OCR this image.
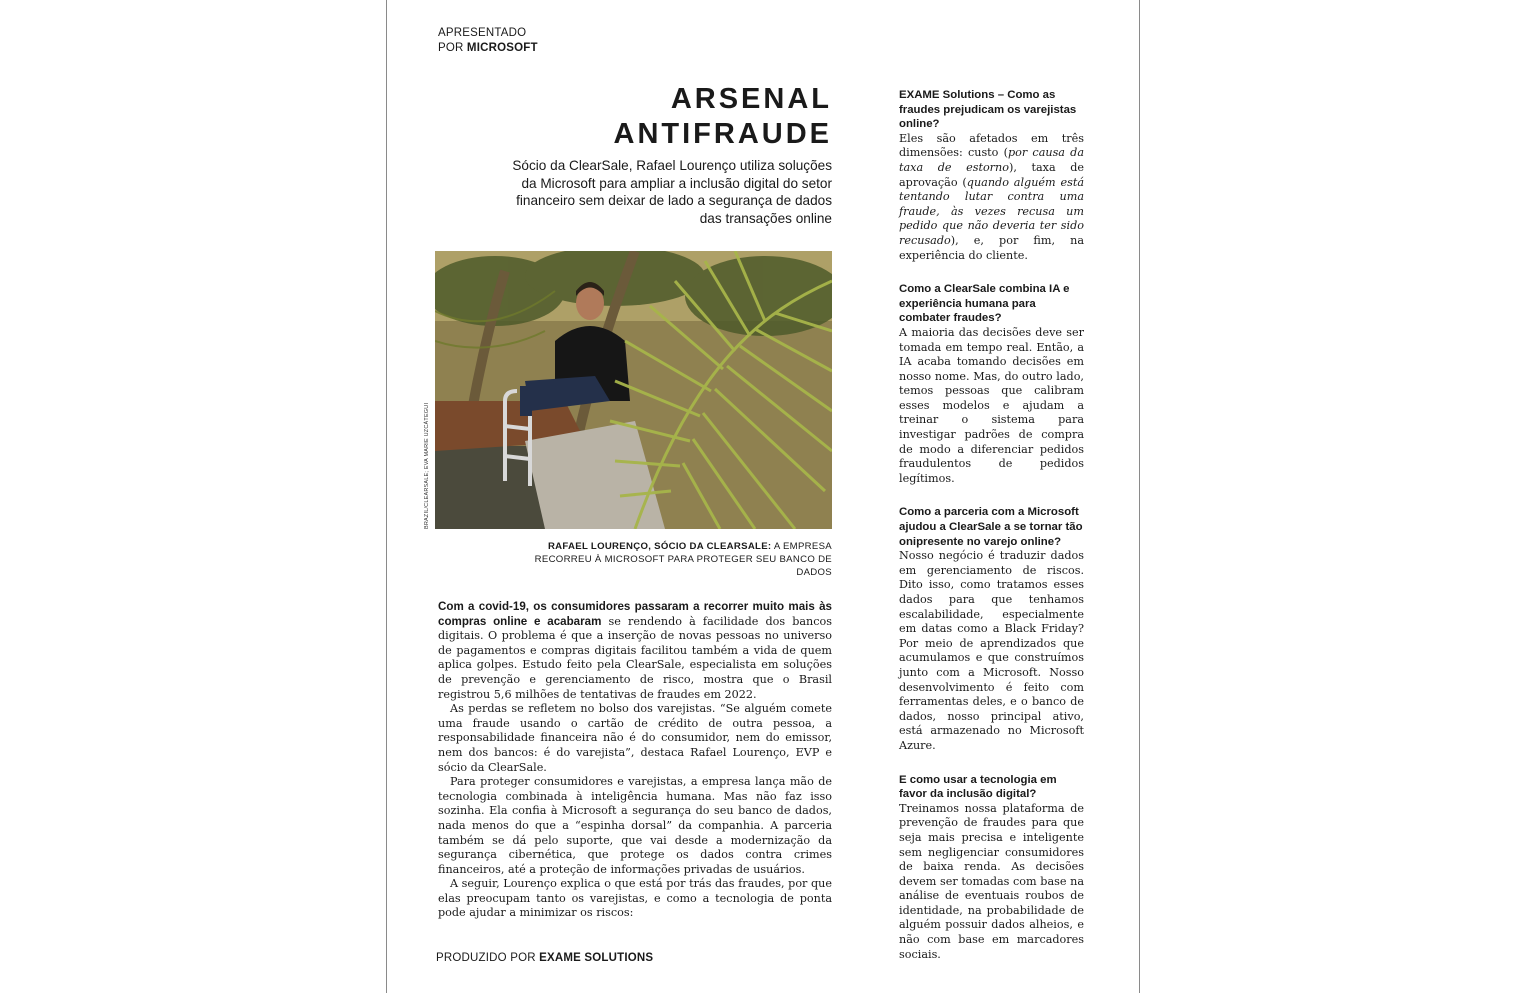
APRESENTADO
POR MICROSOFT
ARSENAL
ANTIFRAUDE

Sócio da ClearSale, Rafael Lourenço utiliza soluções da Microsoft para ampliar a inclusão digital do setor financeiro sem deixar de lado a segurança de dados das transações online

BRAZIL/CLEARSALE; EVA MARIE UZCÁTEGUI
RAFAEL LOURENÇO, SÓCIO DA CLEARSALE: A EMPRESA RECORREU À MICROSOFT PARA PROTEGER SEU BANCO DE DADOS

Com a covid-19, os consumidores passaram a recorrer muito mais às compras online e acabaram se rendendo à facilidade dos bancos digitais. O problema é que a inserção de novas pessoas no universo de pagamentos e compras digitais facilitou também a vida de quem aplica golpes. Estudo feito pela ClearSale, especialista em soluções de prevenção e gerenciamento de risco, mostra que o Brasil registrou 5,6 milhões de tentativas de fraudes em 2022.

As perdas se refletem no bolso dos varejistas. “Se alguém comete uma fraude usando o cartão de crédito de outra pessoa, a responsabilidade financeira não é do consumidor, nem do emissor, nem dos bancos: é do varejista”, destaca Rafael Lourenço, EVP e sócio da ClearSale.

Para proteger consumidores e varejistas, a empresa lança mão de tecnologia combinada à inteligência humana. Mas não faz isso sozinha. Ela confia à Microsoft a segurança do seu banco de dados, nada menos do que a “espinha dorsal” da companhia. A parceria também se dá pelo suporte, que vai desde a modernização da segurança cibernética, que protege os dados contra crimes financeiros, até a proteção de informações privadas de usuários.

A seguir, Lourenço explica o que está por trás das fraudes, por que elas preocupam tanto os varejistas, e como a tecnologia de ponta pode ajudar a minimizar os riscos:

EXAME Solutions – Como as fraudes prejudicam os varejistas online?

Eles são afetados em três dimensões: custo (por causa da taxa de estorno), taxa de aprovação (quando alguém está tentando lutar contra uma fraude, às vezes recusa um pedido que não deveria ter sido recusado), e, por fim, na experiência do cliente.

Como a ClearSale combina IA e experiência humana para combater fraudes?

A maioria das decisões deve ser tomada em tempo real. Então, a IA acaba tomando decisões em nosso nome. Mas, do outro lado, temos pessoas que calibram esses modelos e ajudam a treinar o sistema para investigar padrões de compra de modo a diferenciar pedidos fraudulentos de pedidos legítimos.

Como a parceria com a Microsoft ajudou a ClearSale a se tornar tão onipresente no varejo online?

Nosso negócio é traduzir dados em gerenciamento de riscos. Dito isso, como tratamos esses dados para que tenhamos escalabilidade, especialmente em datas como a Black Friday? Por meio de aprendizados que acumulamos e que construímos junto com a Microsoft. Nosso desenvolvimento é feito com ferramentas deles, e o banco de dados, nosso principal ativo, está armazenado no Microsoft Azure.

E como usar a tecnologia em favor da inclusão digital?

Treinamos nossa plataforma de prevenção de fraudes para que seja mais precisa e inteligente sem negligenciar consumidores de baixa renda. As decisões devem ser tomadas com base na análise de eventuais roubos de identidade, na probabilidade de alguém possuir dados alheios, e não com base em marcadores sociais.

PRODUZIDO POR EXAME SOLUTIONS
